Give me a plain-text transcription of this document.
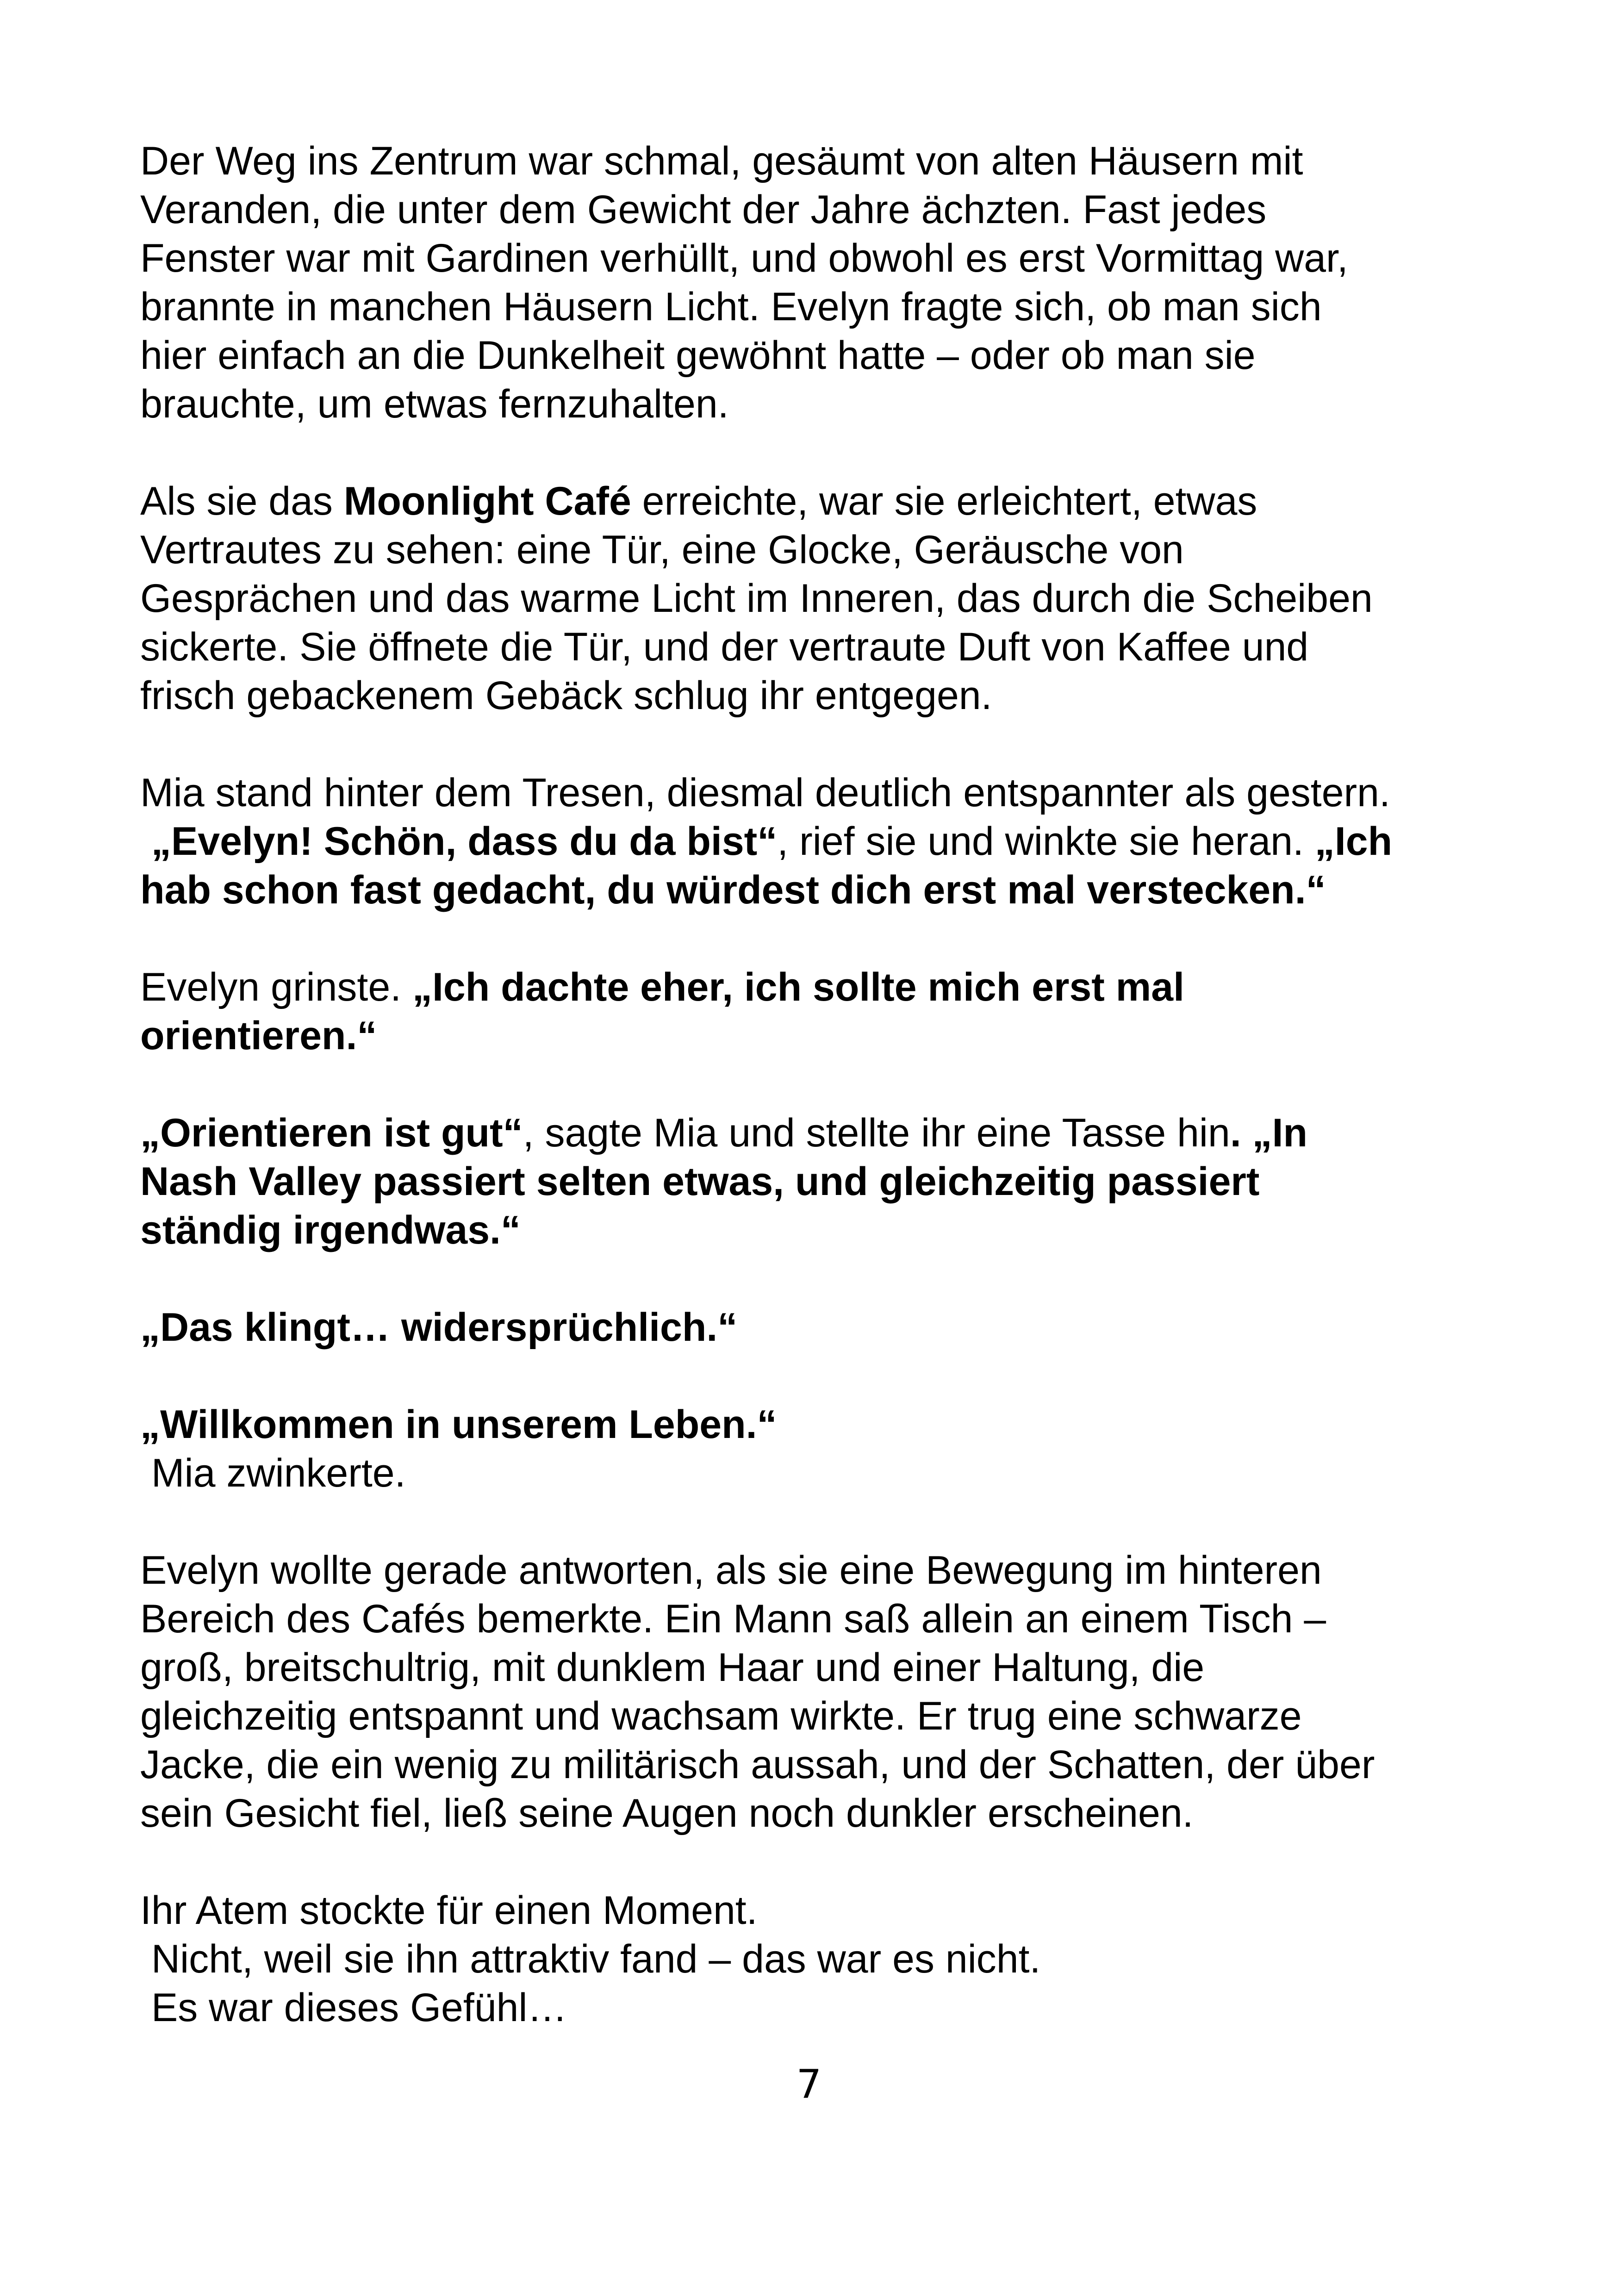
Der Weg ins Zentrum war schmal, gesäumt von alten Häusern mit
Veranden, die unter dem Gewicht der Jahre ächzten. Fast jedes
Fenster war mit Gardinen verhüllt, und obwohl es erst Vormittag war,
brannte in manchen Häusern Licht. Evelyn fragte sich, ob man sich
hier einfach an die Dunkelheit gewöhnt hatte – oder ob man sie
brauchte, um etwas fernzuhalten.

Als sie das Moonlight Café erreichte, war sie erleichtert, etwas
Vertrautes zu sehen: eine Tür, eine Glocke, Geräusche von
Gesprächen und das warme Licht im Inneren, das durch die Scheiben
sickerte. Sie öffnete die Tür, und der vertraute Duft von Kaffee und
frisch gebackenem Gebäck schlug ihr entgegen.

Mia stand hinter dem Tresen, diesmal deutlich entspannter als gestern.
„Evelyn! Schön, dass du da bist“, rief sie und winkte sie heran. „Ich
hab schon fast gedacht, du würdest dich erst mal verstecken.“

Evelyn grinste. „Ich dachte eher, ich sollte mich erst mal
orientieren.“

„Orientieren ist gut“, sagte Mia und stellte ihr eine Tasse hin. „In
Nash Valley passiert selten etwas, und gleichzeitig passiert
ständig irgendwas.“

„Das klingt… widersprüchlich.“

„Willkommen in unserem Leben.“
Mia zwinkerte.

Evelyn wollte gerade antworten, als sie eine Bewegung im hinteren
Bereich des Cafés bemerkte. Ein Mann saß allein an einem Tisch –
groß, breitschultrig, mit dunklem Haar und einer Haltung, die
gleichzeitig entspannt und wachsam wirkte. Er trug eine schwarze
Jacke, die ein wenig zu militärisch aussah, und der Schatten, der über
sein Gesicht fiel, ließ seine Augen noch dunkler erscheinen.

Ihr Atem stockte für einen Moment.
Nicht, weil sie ihn attraktiv fand – das war es nicht.
Es war dieses Gefühl…

7
